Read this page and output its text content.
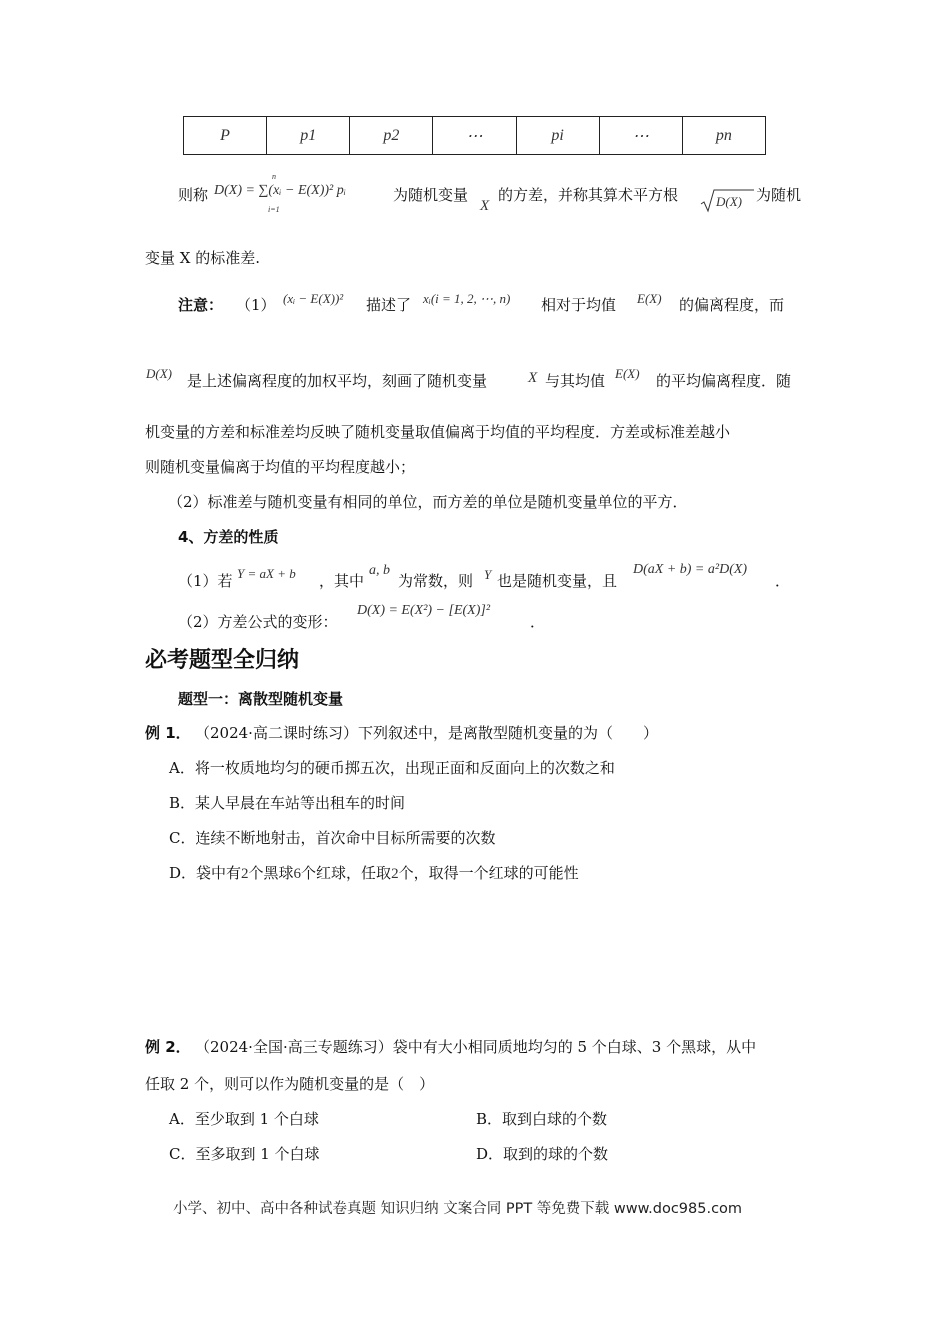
P	p1	p2	⋯	pi	⋯	pn
则称 D(X) = ∑(xᵢ − E(X))² pᵢ
n
i=1
为随机变量
X
的方差，并称其算术平方根	D(X) 为随机
变量 X 的标准差.
注意： （1） (xᵢ − E(X))² 描述了 xᵢ(i = 1, 2, ⋯, n) 相对于均值 E(X) 的偏离程度，而
D(X) 是上述偏离程度的加权平均，刻画了随机变量	X 与其均值 E(X) 的平均偏离程度．随
机变量的方差和标准差均反映了随机变量取值偏离于均值的平均程度．方差或标准差越小
则随机变量偏离于均值的平均程度越小；
（2）标准差与随机变量有相同的单位，而方差的单位是随机变量单位的平方．
4、方差的性质
（1）若 Y = aX + b ，其中
a, b
为常数，则 Y 也是随机变量，且
D(aX + b) = a²D(X)
．
（2）方差公式的变形：
D(X) = E(X²) − [E(X)]²
．
必考题型全归纳
题型一：离散型随机变量
例 1． （2024·高二课时练习）下列叙述中，是离散型随机变量的为（　　）
A．将一枚质地均匀的硬币掷五次，出现正面和反面向上的次数之和
B．某人早晨在车站等出租车的时间
C．连续不断地射击，首次命中目标所需要的次数
D．袋中有2个黑球6个红球，任取2个，取得一个红球的可能性
例 2． （2024·全国·高三专题练习）袋中有大小相同质地均匀的 5 个白球、3 个黑球，从中
任取 2 个，则可以作为随机变量的是（　）
A．至少取到 1 个白球	B．取到白球的个数
C．至多取到 1 个白球	D．取到的球的个数
小学、初中、高中各种试卷真题 知识归纳 文案合同 PPT 等免费下载 www.doc985.com
